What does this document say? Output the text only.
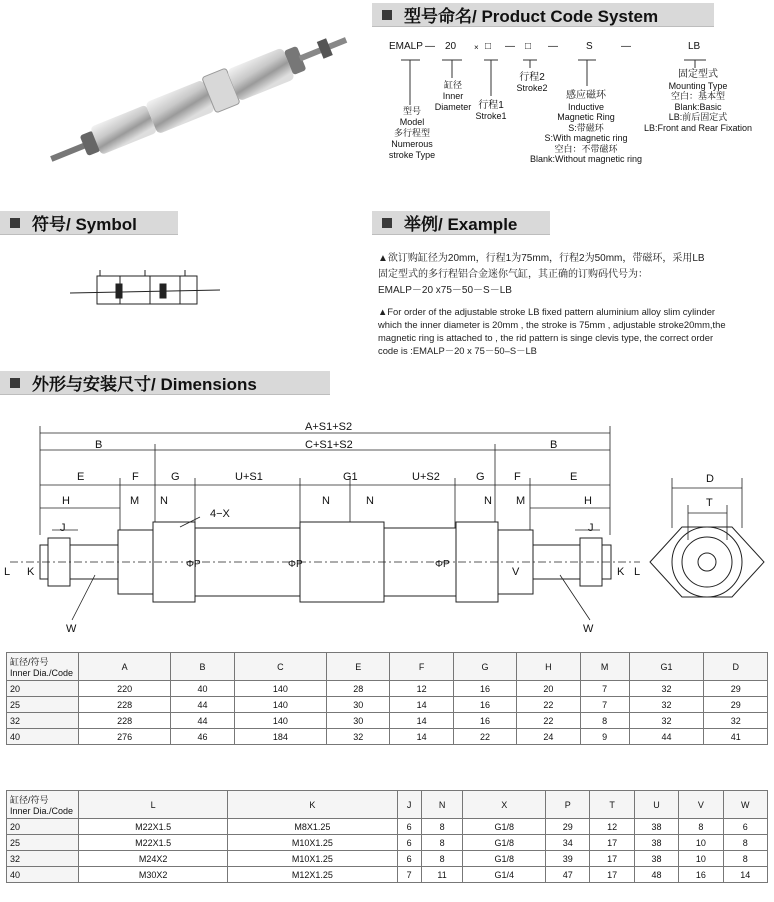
型号命名/ Product Code System
EMALP — 20 × □ — □ —	S	—	LB
型号
Model
多行程型
Numerous
stroke Type
缸径
Inner
Diameter 行程1
Stroke1
行程2
Stroke2
感应磁环
Inductive
Magnetic Ring
S:带磁环
S:With magnetic ring
空白：不带磁环
Blank:Without magnetic ring
固定型式
Mounting Type
空白：基本型
Blank:Basic
LB:前后固定式
LB:Front and Rear Fixation
符号/ Symbol	举例/ Example
▲欲订购缸径为20mm，行程1为75mm，行程2为50mm，带磁环，采用LB
固定型式的多行程铝合金迷你气缸，其正确的订购码代号为：
EMALP－20 x75－50－S－LB
▲For order of the adjustable stroke LB fixed pattern aluminium alloy slim cylinder
which the inner diameter is 20mm , the stroke is 75mm , adjustable stroke20mm,the
magnetic ring is attached to , the rid pattern is singe clevis type, the correct order
code is :EMALP－20 x 75－50–S－LB
外形与安装尺寸/ Dimensions
A+S1+S2
B	C+S1+S2	B
E	F	G	U+S1	G1	U+S2	G	F	E
H	M N	N	N	N M	H
4−X
J	J
D
T
L K	K L
V
ΦP	ΦP	ΦP
W	W
缸径/符号
Inner Dia./Code	A	B	C	E	F	G	H	M	G1	D
20	220	40	140	28	12	16	20	7	32	29
25	228	44	140	30	14	16	22	7	32	29
32	228	44	140	30	14	16	22	8	32	32
40	276	46	184	32	14	22	24	9	44	41
缸径/符号
Inner Dia./Code	L	K	J	N	X	P	T	U	V	W
20	M22X1.5	M8X1.25	6	8	G1/8	29	12	38	8	6
25	M22X1.5	M10X1.25	6	8	G1/8	34	17	38	10	8
32	M24X2	M10X1.25	6	8	G1/8	39	17	38	10	8
40	M30X2	M12X1.25	7	11	G1/4	47	17	48	16	14
